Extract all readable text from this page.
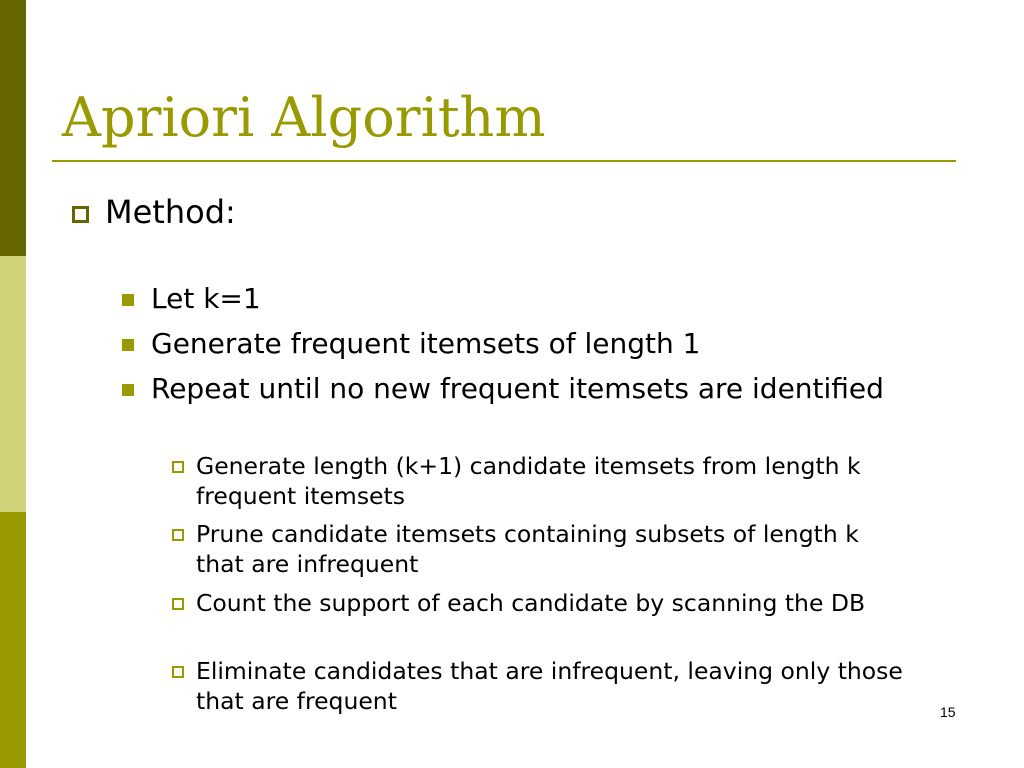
Apriori Algorithm
Method:
Let k=1
Generate frequent itemsets of length 1
Repeat until no new frequent itemsets are identified
Generate length (k+1) candidate itemsets from length k frequent itemsets
Prune candidate itemsets containing subsets of length k that are infrequent
Count the support of each candidate by scanning the DB
Eliminate candidates that are infrequent, leaving only those that are frequent	15
